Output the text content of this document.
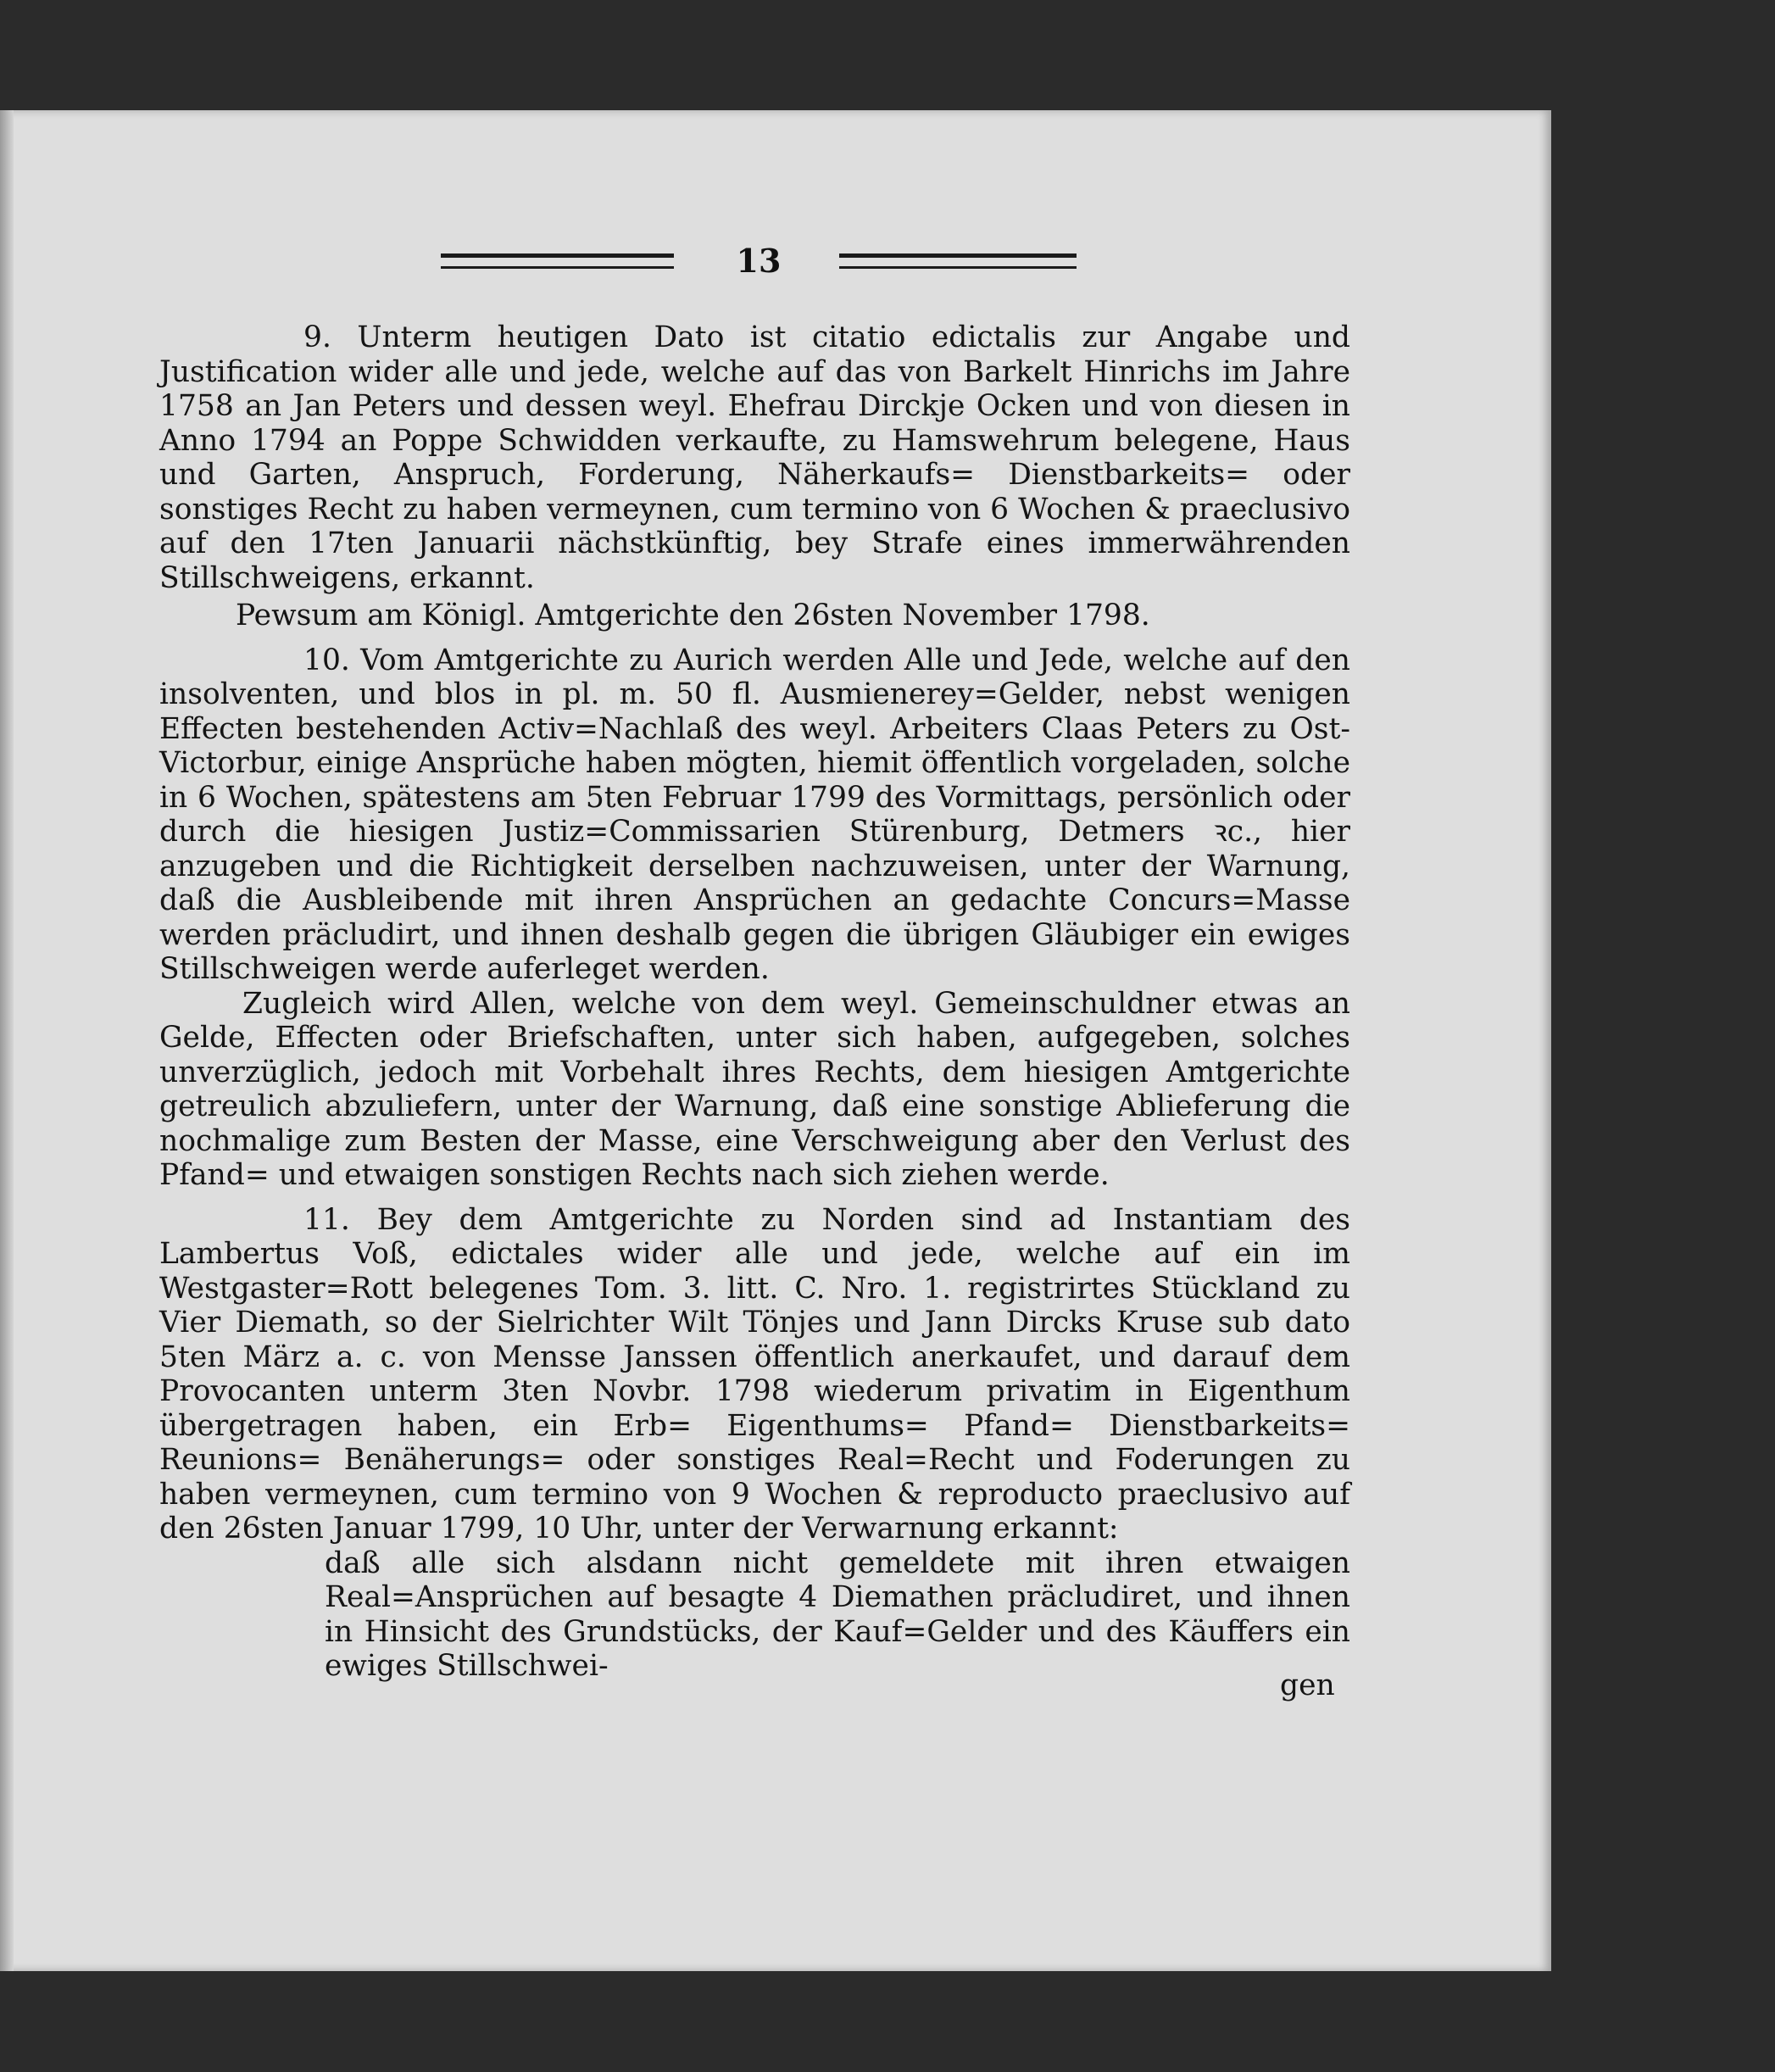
13

9. Unterm heutigen Dato ist citatio edictalis zur Angabe und Justification wider alle und jede, welche auf das von Barkelt Hinrichs im Jahre 1758 an Jan Peters und dessen weyl. Ehefrau Dirckje Ocken und von diesen in Anno 1794 an Poppe Schwidden verkaufte, zu Hamswehrum belegene, Haus und Garten, Anspruch, Forderung, Näherkaufs= Dienstbarkeits= oder sonstiges Recht zu haben vermeynen, cum termino von 6 Wochen & praeclusivo auf den 17ten Januarii nächstkünftig, bey Strafe eines immerwährenden Stillschweigens, erkannt.

Pewsum am Königl. Amtgerichte den 26sten November 1798.

10. Vom Amtgerichte zu Aurich werden Alle und Jede, welche auf den insolventen, und blos in pl. m. 50 fl. Ausmienerey=Gelder, nebst wenigen Effecten bestehenden Activ=Nachlaß des weyl. Arbeiters Claas Peters zu Ost-Victorbur, einige Ansprüche haben mögten, hiemit öffentlich vorgeladen, solche in 6 Wochen, spätestens am 5ten Februar 1799 des Vormittags, persönlich oder durch die hiesigen Justiz=Commissarien Stürenburg, Detmers ꝛc., hier anzugeben und die Richtigkeit derselben nachzuweisen, unter der Warnung, daß die Ausbleibende mit ihren Ansprüchen an gedachte Concurs=Masse werden präcludirt, und ihnen deshalb gegen die übrigen Gläubiger ein ewiges Stillschweigen werde auferleget werden.

Zugleich wird Allen, welche von dem weyl. Gemeinschuldner etwas an Gelde, Effecten oder Briefschaften, unter sich haben, aufgegeben, solches unverzüglich, jedoch mit Vorbehalt ihres Rechts, dem hiesigen Amtgerichte getreulich abzuliefern, unter der Warnung, daß eine sonstige Ablieferung die nochmalige zum Besten der Masse, eine Verschweigung aber den Verlust des Pfand= und etwaigen sonstigen Rechts nach sich ziehen werde.

11. Bey dem Amtgerichte zu Norden sind ad Instantiam des Lambertus Voß, edictales wider alle und jede, welche auf ein im Westgaster=Rott belegenes Tom. 3. litt. C. Nro. 1. registrirtes Stückland zu Vier Diemath, so der Sielrichter Wilt Tönjes und Jann Dircks Kruse sub dato 5ten März a. c. von Mensse Janssen öffentlich anerkaufet, und darauf dem Provocanten unterm 3ten Novbr. 1798 wiederum privatim in Eigenthum übergetragen haben, ein Erb= Eigenthums= Pfand= Dienstbarkeits= Reunions= Benäherungs= oder sonstiges Real=Recht und Foderungen zu haben vermeynen, cum termino von 9 Wochen & reproducto praeclusivo auf den 26sten Januar 1799, 10 Uhr, unter der Verwarnung erkannt:

daß alle sich alsdann nicht gemeldete mit ihren etwaigen Real=Ansprüchen auf besagte 4 Diemathen präcludiret, und ihnen in Hinsicht des Grundstücks, der Kauf=Gelder und des Käuffers ein ewiges Stillschwei-

gen
